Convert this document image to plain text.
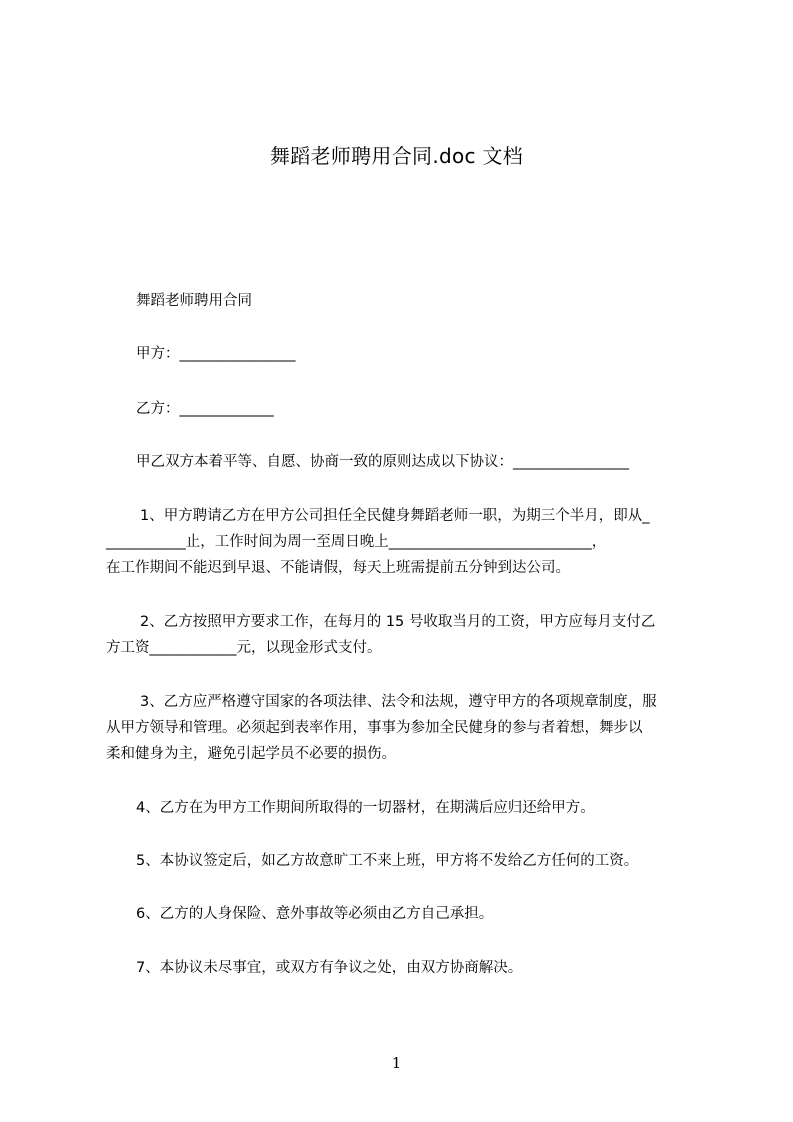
舞蹈老师聘用合同.doc 文档
舞蹈老师聘用合同
甲方：________________
乙方：_____________
甲乙双方本着平等、自愿、协商一致的原则达成以下协议：________________
1、甲方聘请乙方在甲方公司担任全民健身舞蹈老师一职，为期三个半月，即从_
___________止，工作时间为周一至周日晚上____________________________，
在工作期间不能迟到早退、不能请假，每天上班需提前五分钟到达公司。
2、乙方按照甲方要求工作，在每月的 15 号收取当月的工资，甲方应每月支付乙
方工资____________元，以现金形式支付。
3、乙方应严格遵守国家的各项法律、法令和法规，遵守甲方的各项规章制度，服
从甲方领导和管理。必须起到表率作用，事事为参加全民健身的参与者着想，舞步以
柔和健身为主，避免引起学员不必要的损伤。
4、乙方在为甲方工作期间所取得的一切器材，在期满后应归还给甲方。
5、本协议签定后，如乙方故意旷工不来上班，甲方将不发给乙方任何的工资。
6、乙方的人身保险、意外事故等必须由乙方自己承担。
7、本协议未尽事宜，或双方有争议之处，由双方协商解决。
1
